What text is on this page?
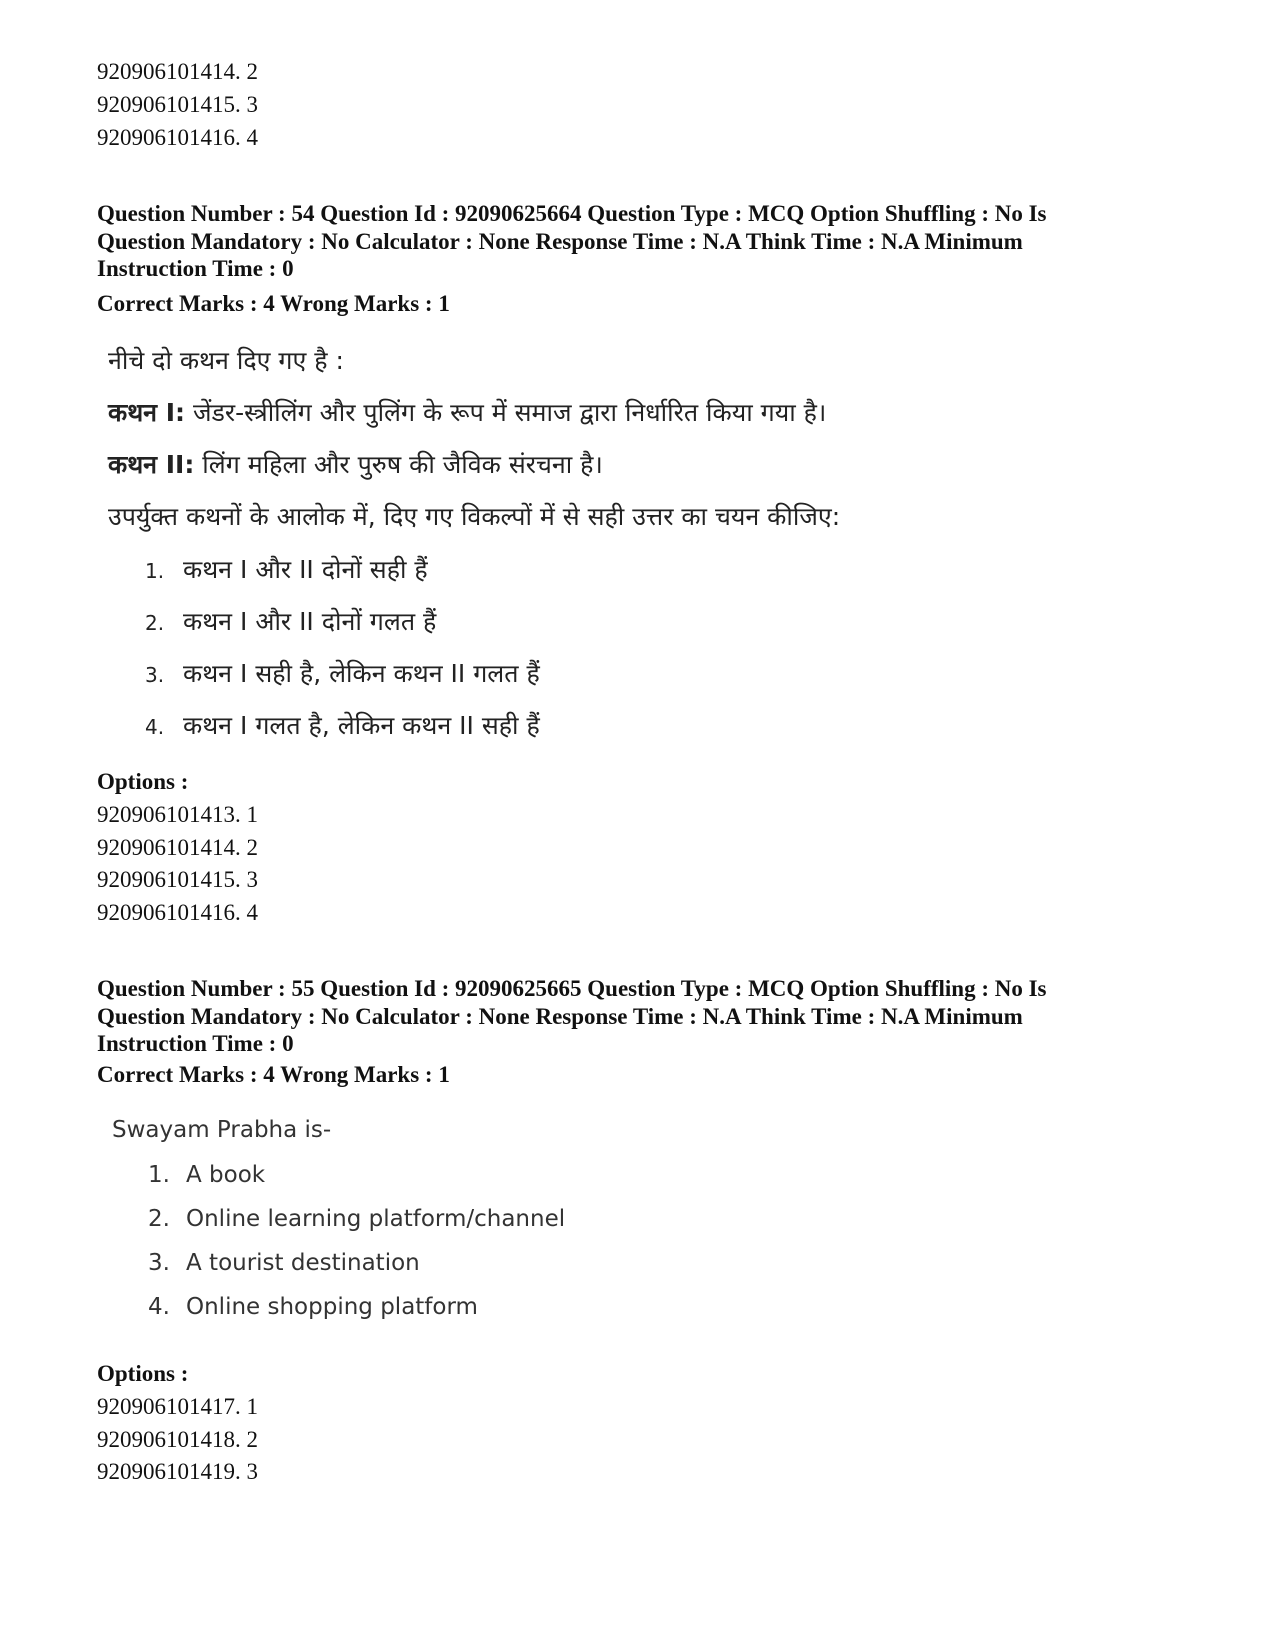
920906101414. 2
920906101415. 3
920906101416. 4
Question Number : 54 Question Id : 92090625664 Question Type : MCQ Option Shuffling : No Is
Question Mandatory : No Calculator : None Response Time : N.A Think Time : N.A Minimum
Instruction Time : 0
Correct Marks : 4 Wrong Marks : 1
नीचे दो कथन दिए गए है :
कथन I: जेंडर-स्त्रीलिंग और पुलिंग के रूप में समाज द्वारा निर्धारित किया गया है।
कथन II: लिंग महिला और पुरुष की जैविक संरचना है।
उपर्युक्त कथनों के आलोक में, दिए गए विकल्पों में से सही उत्तर का चयन कीजिए:
1. कथन I और II दोनों सही हैं
2. कथन I और II दोनों गलत हैं
3. कथन I सही है, लेकिन कथन II गलत हैं
4. कथन I गलत है, लेकिन कथन II सही हैं
Options :
920906101413. 1
920906101414. 2
920906101415. 3
920906101416. 4
Question Number : 55 Question Id : 92090625665 Question Type : MCQ Option Shuffling : No Is
Question Mandatory : No Calculator : None Response Time : N.A Think Time : N.A Minimum
Instruction Time : 0
Correct Marks : 4 Wrong Marks : 1
Swayam Prabha is-
1. A book
2. Online learning platform/channel
3. A tourist destination
4. Online shopping platform
Options :
920906101417. 1
920906101418. 2
920906101419. 3
